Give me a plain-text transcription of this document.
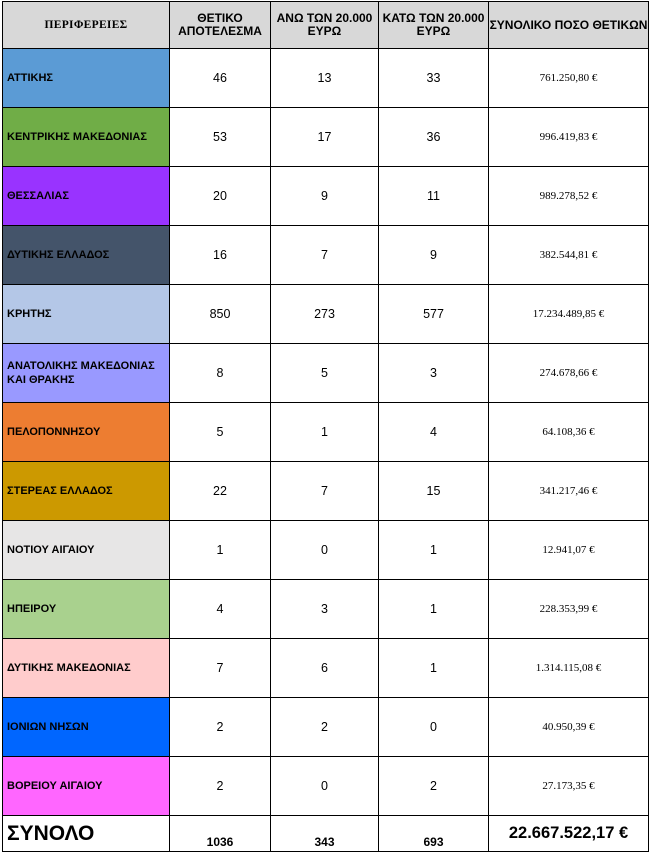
ΠΕΡΙΦΕΡΕΙΕΣ	ΘΕΤΙΚΟ ΑΠΟΤΕΛΕΣΜΑ	ΑΝΩ ΤΩΝ 20.000 ΕΥΡΩ	ΚΑΤΩ ΤΩΝ 20.000 ΕΥΡΩ	ΣΥΝΟΛΙΚΟ ΠΟΣΟ ΘΕΤΙΚΩΝ
ΑΤΤΙΚΗΣ	46	13	33	761.250,80 €
ΚΕΝΤΡΙΚΗΣ ΜΑΚΕΔΟΝΙΑΣ	53	17	36	996.419,83 €
ΘΕΣΣΑΛΙΑΣ	20	9	11	989.278,52 €
ΔΥΤΙΚΗΣ ΕΛΛΑΔΟΣ	16	7	9	382.544,81 €
ΚΡΗΤΗΣ	850	273	577	17.234.489,85 €
ΑΝΑΤΟΛΙΚΗΣ ΜΑΚΕΔΟΝΙΑΣ ΚΑΙ ΘΡΑΚΗΣ	8	5	3	274.678,66 €
ΠΕΛΟΠΟΝΝΗΣΟΥ	5	1	4	64.108,36 €
ΣΤΕΡΕΑΣ ΕΛΛΑΔΟΣ	22	7	15	341.217,46 €
ΝΟΤΙΟΥ ΑΙΓΑΙΟΥ	1	0	1	12.941,07 €
ΗΠΕΙΡΟΥ	4	3	1	228.353,99 €
ΔΥΤΙΚΗΣ ΜΑΚΕΔΟΝΙΑΣ	7	6	1	1.314.115,08 €
ΙΟΝΙΩΝ ΝΗΣΩΝ	2	2	0	40.950,39 €
ΒΟΡΕΙΟΥ ΑΙΓΑΙΟΥ	2	0	2	27.173,35 €
ΣΥΝΟΛΟ	1036	343	693	22.667.522,17 €
